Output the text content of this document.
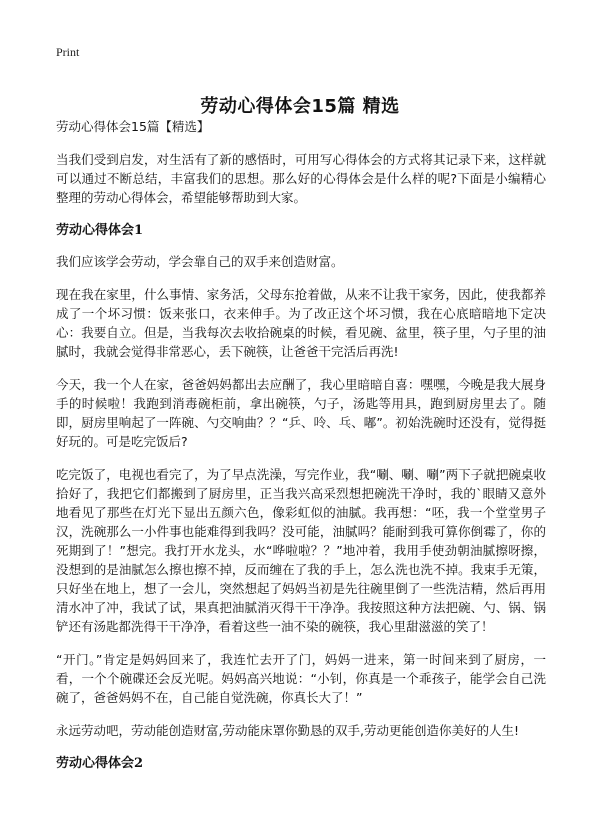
Print
劳动心得体会15篇 精选
劳动心得体会15篇【精选】

当我们受到启发，对生活有了新的感悟时，可用写心得体会的方式将其记录下来，这样就可以通过不断总结，丰富我们的思想。那么好的心得体会是什么样的呢?下面是小编精心整理的劳动心得体会，希望能够帮助到大家。

劳动心得体会1

我们应该学会劳动，学会靠自己的双手来创造财富。

现在我在家里，什么事情、家务活，父母东抢着做，从来不让我干家务，因此，使我都养成了一个坏习惯：饭来张口，衣来伸手。为了改正这个坏习惯，我在心底暗暗地下定决心：我要自立。但是，当我每次去收拾碗桌的时候，看见碗、盆里，筷子里，勺子里的油腻时，我就会觉得非常恶心，丢下碗筷，让爸爸干完活后再洗!

今天，我一个人在家，爸爸妈妈都出去应酬了，我心里暗暗自喜：嘿嘿，今晚是我大展身手的时候啦！我跑到消毒碗柜前，拿出碗筷，勺子，汤匙等用具，跑到厨房里去了。随即，厨房里响起了一阵碗、勺交响曲？？“乒、呤、乓、嘟”。初始洗碗时还没有，觉得挺好玩的。可是吃完饭后?

吃完饭了，电视也看完了，为了早点洗澡，写完作业，我“唰、唰、唰”两下子就把碗桌收拾好了，我把它们都搬到了厨房里，正当我兴高采烈想把碗洗干净时，我的`眼睛又意外地看见了那些在灯光下显出五颜六色，像彩虹似的油腻。我再想：“呸，我一个堂堂男子汉，洗碗那么一小件事也能难得到我吗？没可能，油腻吗？能耐到我可算你倒霉了，你的死期到了！”想完。我打开水龙头，水“哗啦啦？？”地冲着，我用手使劲朝油腻擦呀擦，没想到的是油腻怎么擦也擦不掉，反而缠在了我的手上，怎么洗也洗不掉。我束手无策，只好坐在地上，想了一会儿，突然想起了妈妈当初是先往碗里倒了一些洗洁精，然后再用清水冲了冲，我试了试，果真把油腻消灭得干干净净。我按照这种方法把碗、勺、锅、锅铲还有汤匙都洗得干干净净，看着这些一油不染的碗筷，我心里甜滋滋的笑了！

“开门。”肯定是妈妈回来了，我连忙去开了门，妈妈一进来，第一时间来到了厨房，一看，一个个碗碟还会反光呢。妈妈高兴地说：“小钊，你真是一个乖孩子，能学会自己洗碗了，爸爸妈妈不在，自己能自觉洗碗，你真长大了！”

永远劳动吧，劳动能创造财富,劳动能床罩你勤恳的双手,劳动更能创造你美好的人生!

劳动心得体会2
